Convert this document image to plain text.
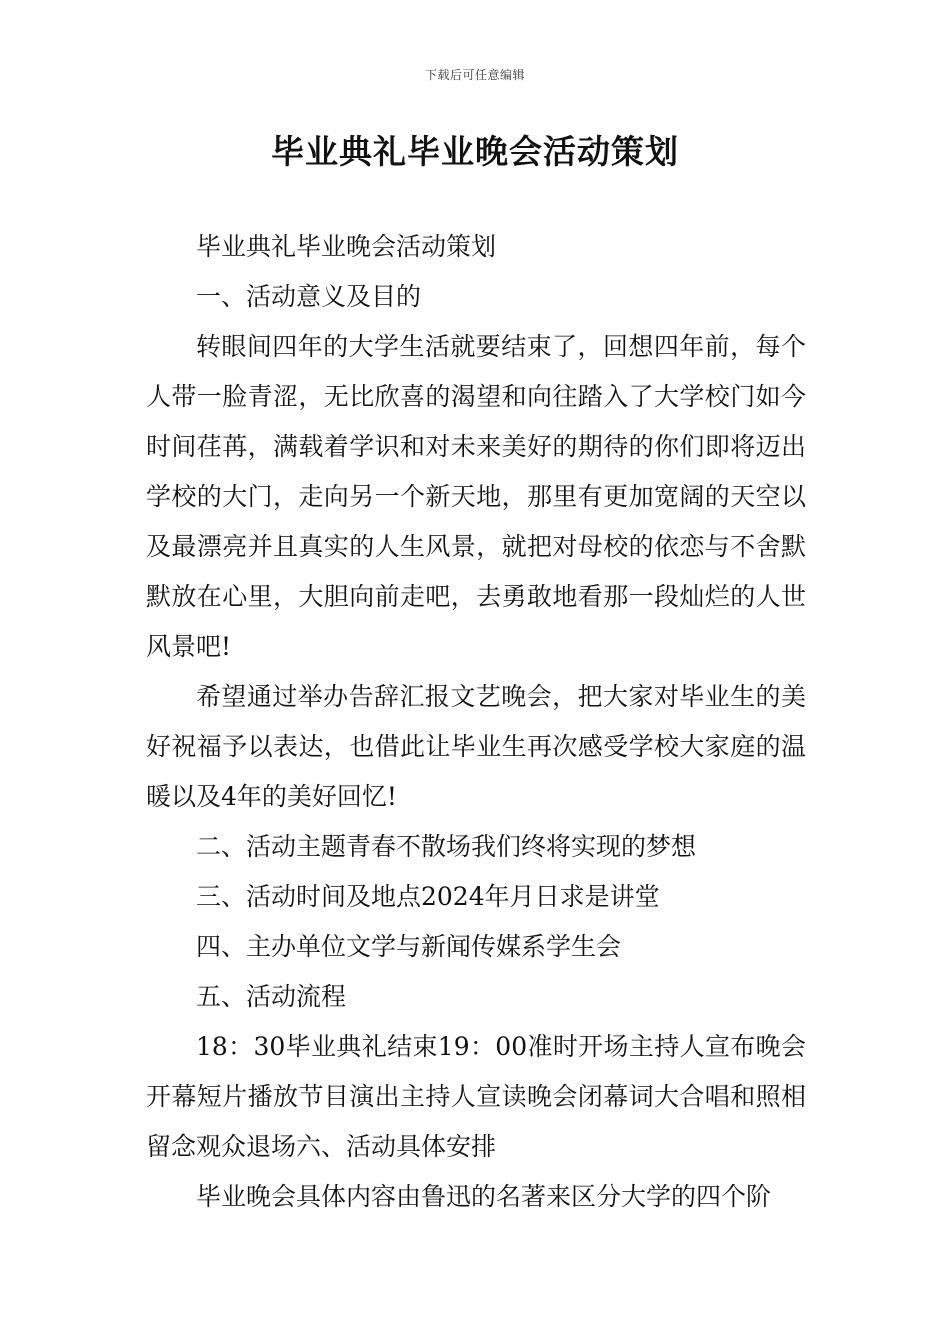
下载后可任意编辑
毕业典礼毕业晚会活动策划

毕业典礼毕业晚会活动策划

一、活动意义及目的

转眼间四年的大学生活就要结束了，回想四年前，每个人带一脸青涩，无比欣喜的渴望和向往踏入了大学校门如今时间荏苒，满载着学识和对未来美好的期待的你们即将迈出学校的大门，走向另一个新天地，那里有更加宽阔的天空以及最漂亮并且真实的人生风景，就把对母校的依恋与不舍默默放在心里，大胆向前走吧，去勇敢地看那一段灿烂的人世风景吧!

希望通过举办告辞汇报文艺晚会，把大家对毕业生的美好祝福予以表达，也借此让毕业生再次感受学校大家庭的温暖以及4年的美好回忆!

二、活动主题青春不散场我们终将实现的梦想

三、活动时间及地点2024年月日求是讲堂

四、主办单位文学与新闻传媒系学生会

五、活动流程

18：30毕业典礼结束19：00准时开场主持人宣布晚会开幕短片播放节目演出主持人宣读晚会闭幕词大合唱和照相留念观众退场六、活动具体安排

毕业晚会具体内容由鲁迅的名著来区分大学的四个阶
